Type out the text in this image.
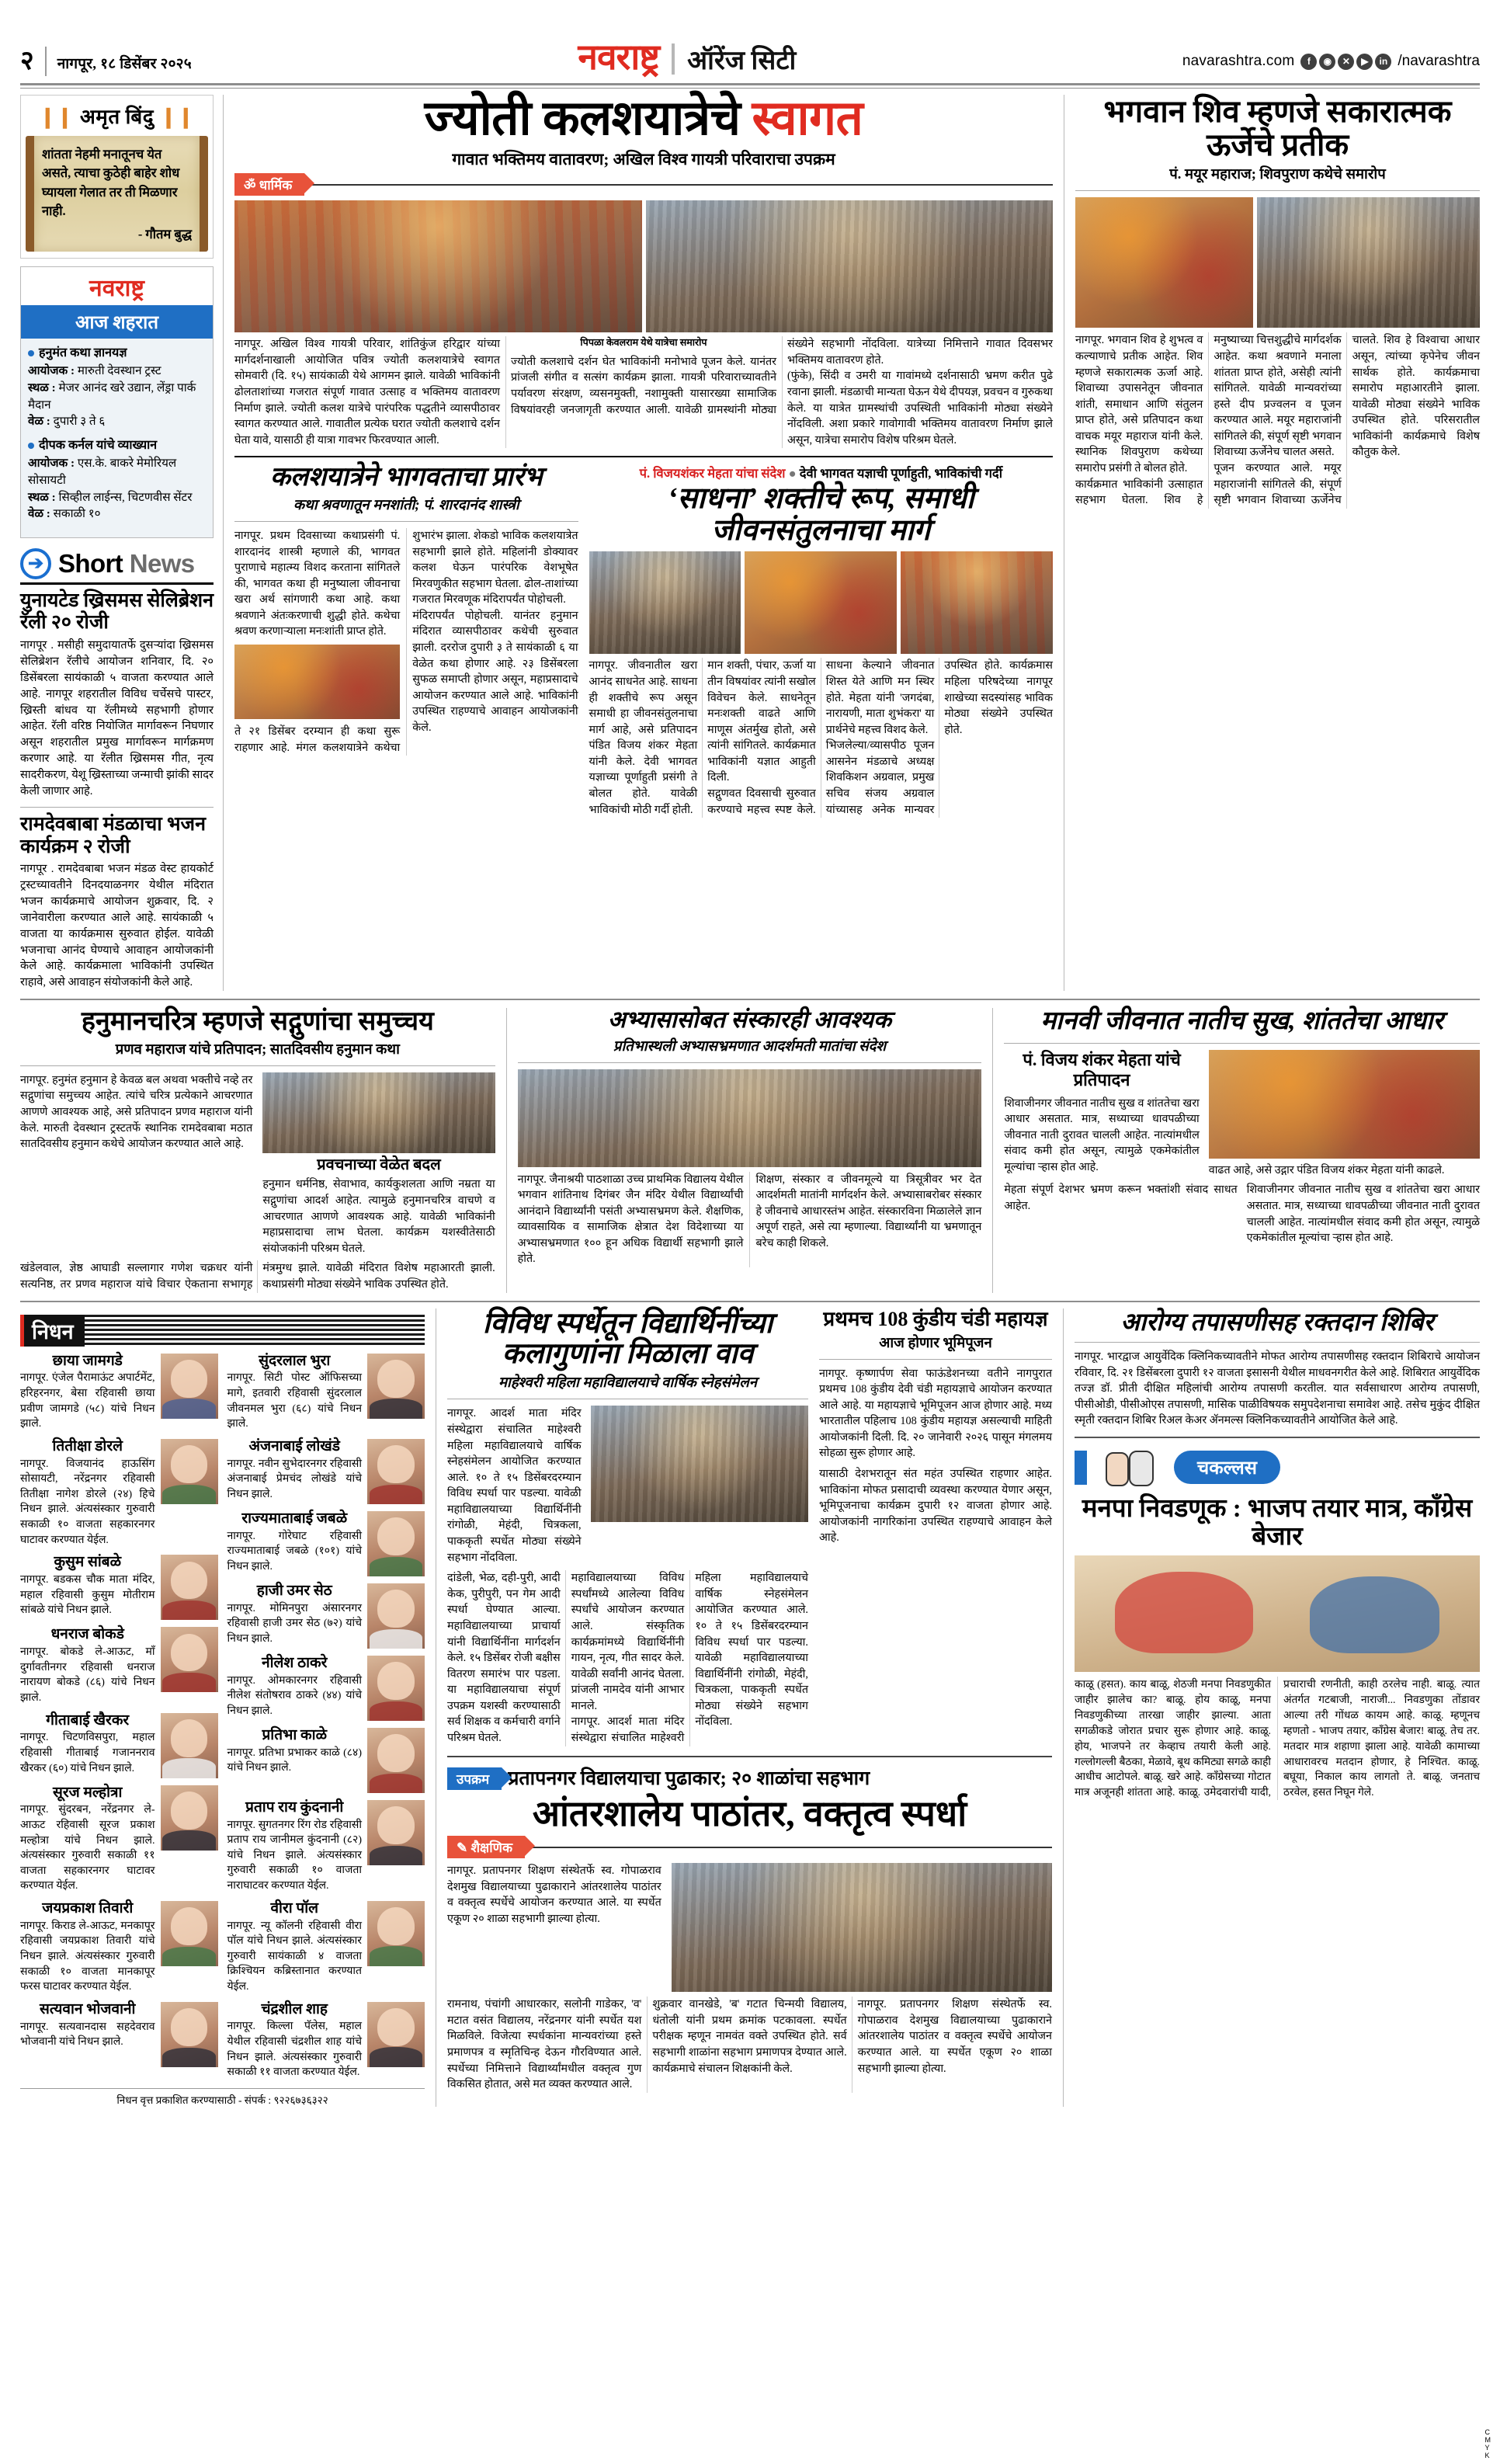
२ नागपूर, १८ डिसेंबर २०२५	नवराष्ट्र ऑरेंज सिटी	navarashtra.com	f	◉	✕	▶	in /navarashtra
❙❙ अमृत बिंदु ❙❙

शांतता नेहमी मनातूनच येत असते, त्याचा कुठेही बाहेर शोध घ्यायला गेलात तर ती मिळणार नाही.

- गौतम बुद्ध
नवराष्ट्र
आज शहरात
हनुमंत कथा ज्ञानयज्ञ
आयोजक : मारुती देवस्थान ट्रस्ट
स्थळ : मेजर आनंद खरे उद्यान, लेंड्रा पार्क मैदान
वेळ : दुपारी ३ ते ६
दीपक कर्नल यांचे व्याख्यान
आयोजक : एस.के. बाकरे मेमोरियल सोसायटी
स्थळ : सिव्हील लाईन्स, चिटणवीस सेंटर
वेळ : सकाळी १०
➔ Short News
युनायटेड ख्रिसमस सेलिब्रेशन रॅली २० रोजी
नागपूर . मसीही समुदायातर्फे दुसऱ्यांदा ख्रिसमस सेलिब्रेशन रॅलीचे आयोजन शनिवार, दि. २० डिसेंबरला सायंकाळी ५ वाजता करण्यात आले आहे. नागपूर शहरातील विविध चर्चेसचे पास्टर, ख्रिस्ती बांधव या रॅलीमध्ये सहभागी होणार आहेत. रॅली वरिष्ठ नियोजित मार्गावरून निघणार असून शहरातील प्रमुख मार्गावरून मार्गक्रमण करणार आहे. या रॅलीत ख्रिसमस गीत, नृत्य सादरीकरण, येशू ख्रिस्ताच्या जन्माची झांकी सादर केली जाणार आहे.
रामदेवबाबा मंडळाचा भजन कार्यक्रम २ रोजी
नागपूर . रामदेवबाबा भजन मंडळ वेस्ट हायकोर्ट ट्रस्टच्यावतीने दिनदयाळनगर येथील मंदिरात भजन कार्यक्रमाचे आयोजन शुक्रवार, दि. २ जानेवारीला करण्यात आले आहे. सायंकाळी ५ वाजता या कार्यक्रमास सुरुवात होईल. यावेळी भजनाचा आनंद घेण्याचे आवाहन आयोजकांनी केले आहे. कार्यक्रमाला भाविकांनी उपस्थित राहावे, असे आवाहन संयोजकांनी केले आहे.
ज्योती कलशयात्रेचे स्वागत
गावात भक्तिमय वातावरण; अखिल विश्व गायत्री परिवाराचा उपक्रम
ॐ धार्मिक
नागपूर. अखिल विश्व गायत्री परिवार, शांतिकुंज हरिद्वार यांच्या मार्गदर्शनाखाली आयोजित पवित्र ज्योती कलशयात्रेचे स्वागत सोमवारी (दि. १५) सायंकाळी येथे आगमन झाले. यावेळी भाविकांनी ढोलताशांच्या गजरात संपूर्ण गावात उत्साह व भक्तिमय वातावरण निर्माण झाले. ज्योती कलश यात्रेचे पारंपरिक पद्धतीने व्यासपीठावर स्वागत करण्यात आले. गावातील प्रत्येक घरात ज्योती कलशाचे दर्शन घेता यावे, यासाठी ही यात्रा गावभर फिरवण्यात आली.
पिपळा केवलराम येथे यात्रेचा समारोप
ज्योती कलशाचे दर्शन घेत भाविकांनी मनोभावे पूजन केले. यानंतर प्रांजली संगीत व सत्संग कार्यक्रम झाला. गायत्री परिवाराच्यावतीने पर्यावरण संरक्षण, व्यसनमुक्ती, नशामुक्ती यासारख्या सामाजिक विषयांवरही जनजागृती करण्यात आली. यावेळी ग्रामस्थांनी मोठ्या संख्येने सहभागी नोंदविला. यात्रेच्या निमित्ताने गावात दिवसभर भक्तिमय वातावरण होते.
(फुंके), सिंदी व उमरी या गावांमध्ये दर्शनासाठी भ्रमण करीत पुढे रवाना झाली. मंडळाची मान्यता घेऊन येथे दीपयज्ञ, प्रवचन व गुरुकथा केले. या यात्रेत ग्रामस्थांची उपस्थिती भाविकांनी मोठ्या संख्येने नोंदविली. अशा प्रकारे गावोगावी भक्तिमय वातावरण निर्माण झाले असून, यात्रेचा समारोप विशेष परिश्रम घेतले.
कलशयात्रेने भागवताचा प्रारंभ
कथा श्रवणातून मनशांती; पं. शारदानंद शास्त्री
नागपूर. प्रथम दिवसाच्या कथाप्रसंगी पं. शारदानंद शास्त्री म्हणाले की, भागवत पुराणाचे महात्म्य विशद करताना सांगितले की, भागवत कथा ही मनुष्याला जीवनाचा खरा अर्थ सांगणारी कथा आहे. कथा श्रवणाने अंतःकरणाची शुद्धी होते. कथेचा श्रवण करणाऱ्याला मनःशांती प्राप्त होते.
ते २१ डिसेंबर दरम्यान ही कथा सुरू राहणार आहे. मंगल कलशयात्रेने कथेचा शुभारंभ झाला. शेकडो भाविक कलशयात्रेत सहभागी झाले होते. महिलांनी डोक्यावर कलश घेऊन पारंपरिक वेशभूषेत मिरवणुकीत सहभाग घेतला. ढोल-ताशांच्या गजरात मिरवणूक मंदिरापर्यंत पोहोचली.
मंदिरापर्यंत पोहोचली. यानंतर हनुमान मंदिरात व्यासपीठावर कथेची सुरुवात झाली. दररोज दुपारी ३ ते सायंकाळी ६ या वेळेत कथा होणार आहे. २३ डिसेंबरला सुफळ समाप्ती होणार असून, महाप्रसादाचे आयोजन करण्यात आले आहे. भाविकांनी उपस्थित राहण्याचे आवाहन आयोजकांनी केले.
पं. विजयशंकर मेहता यांचा संदेश ● देवी भागवत यज्ञाची पूर्णाहुती, भाविकांची गर्दी
‘साधना’ शक्तीचे रूप, समाधी जीवनसंतुलनाचा मार्ग
नागपूर. जीवनातील खरा आनंद साधनेत आहे. साधना ही शक्तीचे रूप असून समाधी हा जीवनसंतुलनाचा मार्ग आहे, असे प्रतिपादन पंडित विजय शंकर मेहता यांनी केले. देवी भागवत यज्ञाच्या पूर्णाहुती प्रसंगी ते बोलत होते. यावेळी भाविकांची मोठी गर्दी होती.
मान शक्ती, पंचार, ऊर्जा या तीन विषयांवर त्यांनी सखोल विवेचन केले. साधनेतून मनःशक्ती वाढते आणि माणूस अंतर्मुख होतो, असे त्यांनी सांगितले. कार्यक्रमात भाविकांनी यज्ञात आहुती दिली.
सद्गुणवत दिवसाची सुरुवात करण्याचे महत्त्व स्पष्ट केले. साधना केल्याने जीवनात शिस्त येते आणि मन स्थिर होते. मेहता यांनी 'जगदंबा, नारायणी, माता शुभंकरा' या प्रार्थनेचे महत्त्व विशद केले.
भिजलेल्या/व्यासपीठ पूजन आसनेन मंडळाचे अध्यक्ष शिवकिशन अग्रवाल, प्रमुख सचिव संजय अग्रवाल यांच्यासह अनेक मान्यवर उपस्थित होते. कार्यक्रमास महिला परिषदेच्या नागपूर शाखेच्या सदस्यांसह भाविक मोठ्या संख्येने उपस्थित होते.
भगवान शिव म्हणजे सकारात्मक ऊर्जेचे प्रतीक
पं. मयूर महाराज; शिवपुराण कथेचे समारोप
नागपूर. भगवान शिव हे शुभत्व व कल्याणाचे प्रतीक आहेत. शिव म्हणजे सकारात्मक ऊर्जा आहे. शिवाच्या उपासनेतून जीवनात शांती, समाधान आणि संतुलन प्राप्त होते, असे प्रतिपादन कथा वाचक मयूर महाराज यांनी केले. स्थानिक शिवपुराण कथेच्या समारोप प्रसंगी ते बोलत होते.
कार्यक्रमात भाविकांनी उत्साहात सहभाग घेतला. शिव हे मनुष्याच्या चित्तशुद्धीचे मार्गदर्शक आहेत. कथा श्रवणाने मनाला शांतता प्राप्त होते, असेही त्यांनी सांगितले. यावेळी मान्यवरांच्या हस्ते दीप प्रज्वलन व पूजन करण्यात आले. मयूर महाराजांनी सांगितले की, संपूर्ण सृष्टी भगवान शिवाच्या ऊर्जेनेच चालत असते.
पूजन करण्यात आले. मयूर महाराजांनी सांगितले की, संपूर्ण सृष्टी भगवान शिवाच्या ऊर्जेनेच चालते. शिव हे विश्वाचा आधार असून, त्यांच्या कृपेनेच जीवन सार्थक होते. कार्यक्रमाचा समारोप महाआरतीने झाला. यावेळी मोठ्या संख्येने भाविक उपस्थित होते. परिसरातील भाविकांनी कार्यक्रमाचे विशेष कौतुक केले.
हनुमानचरित्र म्हणजे सद्गुणांचा समुच्चय
प्रणव महाराज यांचे प्रतिपादन; सातदिवसीय हनुमान कथा
नागपूर. हनुमंत हनुमान हे केवळ बल अथवा भक्तीचे नव्हे तर सद्गुणांचा समुच्चय आहेत. त्यांचे चरित्र प्रत्येकाने आचरणात आणणे आवश्यक आहे, असे प्रतिपादन प्रणव महाराज यांनी केले. मारुती देवस्थान ट्रस्टतर्फे स्थानिक रामदेवबाबा मठात सातदिवसीय हनुमान कथेचे आयोजन करण्यात आले आहे.
प्रवचनाच्या वेळेत बदल
हनुमान धर्मनिष्ठ, सेवाभाव, कार्यकुशलता आणि नम्रता या सद्गुणांचा आदर्श आहेत. त्यामुळे हनुमानचरित्र वाचणे व आचरणात आणणे आवश्यक आहे. यावेळी भाविकांनी महाप्रसादाचा लाभ घेतला. कार्यक्रम यशस्वीतेसाठी संयोजकांनी परिश्रम घेतले.
खंडेलवाल, ज्ञेष्ठ आघाडी सल्लागार गणेश चक्रधर यांनी सत्यनिष्ठ, तर प्रणव महाराज यांचे विचार ऐकताना सभागृह मंत्रमुग्ध झाले. यावेळी मंदिरात विशेष महाआरती झाली. कथाप्रसंगी मोठ्या संख्येने भाविक उपस्थित होते.
अभ्यासासोबत संस्कारही आवश्यक
प्रतिभास्थली अभ्यासभ्रमणात आदर्शमती मातांचा संदेश
नागपूर. जैनाश्रयी पाठशाळा उच्च प्राथमिक विद्यालय येथील भगवान शांतिनाथ दिगंबर जैन मंदिर येथील विद्यार्थ्यांची आनंदाने विद्यार्थ्यांनी पसंती अभ्यासभ्रमण केले. शैक्षणिक, व्यावसायिक व सामाजिक क्षेत्रात देश विदेशाच्या या अभ्यासभ्रमणात १०० हून अधिक विद्यार्थी सहभागी झाले होते.
शिक्षण, संस्कार व जीवनमूल्ये या त्रिसूत्रीवर भर देत आदर्शमती मातांनी मार्गदर्शन केले. अभ्यासाबरोबर संस्कार हे जीवनाचे आधारस्तंभ आहेत. संस्कारविना मिळालेले ज्ञान अपूर्ण राहते, असे त्या म्हणाल्या. विद्यार्थ्यांनी या भ्रमणातून बरेच काही शिकले.
मानवी जीवनात नातीच सुख, शांततेचा आधार
पं. विजय शंकर मेहता यांचे प्रतिपादन
शिवाजीनगर जीवनात नातीच सुख व शांततेचा खरा आधार असतात. मात्र, सध्याच्या धावपळीच्या जीवनात नाती दुरावत चालली आहेत. नात्यांमधील संवाद कमी होत असून, त्यामुळे एकमेकांतील मूल्यांचा ऱ्हास होत आहे.	वाढत आहे, असे उद्गार पंडित विजय शंकर मेहता यांनी काढले.
मेहता संपूर्ण देशभर भ्रमण करून भक्तांशी संवाद साधत आहेत.
शिवाजीनगर जीवनात नातीच सुख व शांततेचा खरा आधार असतात. मात्र, सध्याच्या धावपळीच्या जीवनात नाती दुरावत चालली आहेत. नात्यांमधील संवाद कमी होत असून, त्यामुळे एकमेकांतील मूल्यांचा ऱ्हास होत आहे.
निधन
छाया जामगडे
नागपूर. एंजेल पैरामाऊंट अपार्टमेंट, हरिहरनगर, बेसा रहिवासी छाया प्रवीण जामगडे (५८) यांचे निधन झाले.
तितीक्षा डोरले
नागपूर. विजयानंद हाऊसिंग सोसायटी, नरेंद्रनगर रहिवासी तितीक्षा नागेश डोरले (२४) हिचे निधन झाले. अंत्यसंस्कार गुरुवारी सकाळी १० वाजता सहकारनगर घाटावर करण्यात येईल.
कुसुम सांबळे
नागपूर. बडकस चौक माता मंदिर, महाल रहिवासी कुसुम मोतीराम सांबळे यांचे निधन झाले.
धनराज बोकडे
नागपूर. बोकडे ले-आऊट, माँ दुर्गावतीनगर रहिवासी धनराज नारायण बोकडे (८६) यांचे निधन झाले.
गीताबाई खैरकर
नागपूर. चिटणविसपुरा, महाल रहिवासी गीताबाई गजाननराव खैरकर (६०) यांचे निधन झाले.
सूरज मल्होत्रा
नागपूर. सुंदरबन, नरेंद्रनगर ले-आऊट रहिवासी सूरज प्रकाश मल्होत्रा यांचे निधन झाले. अंत्यसंस्कार गुरुवारी सकाळी ११ वाजता सहकारनगर घाटावर करण्यात येईल.
जयप्रकाश तिवारी
नागपूर. किराड ले-आऊट, मनकापूर रहिवासी जयप्रकाश तिवारी यांचे निधन झाले. अंत्यसंस्कार गुरुवारी सकाळी १० वाजता मानकापूर फरस घाटावर करण्यात येईल.
सत्यवान भोजवानी
नागपूर. सत्यवानदास सहदेवराव भोजवानी यांचे निधन झाले.
सुंदरलाल भुरा
नागपूर. सिटी पोस्ट ऑफिसच्या मागे, इतवारी रहिवासी सुंदरलाल जीवनमल भुरा (६८) यांचे निधन झाले.
अंजनाबाई लोखंडे
नागपूर. नवीन सुभेदारनगर रहिवासी अंजनाबाई प्रेमचंद लोखंडे यांचे निधन झाले.
राज्यमाताबाई जबळे
नागपूर. गोरेघाट रहिवासी राज्यमाताबाई जबळे (१०१) यांचे निधन झाले.
हाजी उमर सेठ
नागपूर. मोमिनपुरा अंसारनगर रहिवासी हाजी उमर सेठ (७२) यांचे निधन झाले.
नीलेश ठाकरे
नागपूर. ओमकारनगर रहिवासी नीलेश संतोषराव ठाकरे (४४) यांचे निधन झाले.
प्रतिभा काळे
नागपूर. प्रतिभा प्रभाकर काळे (८४) यांचे निधन झाले.
प्रताप राय कुंदनानी
नागपूर. सुगतनगर रिंग रोड रहिवासी प्रताप राय जानीमल कुंदनानी (८२) यांचे निधन झाले. अंत्यसंस्कार गुरुवारी सकाळी १० वाजता नाराघाटवर करण्यात येईल.
वीरा पॉल
नागपूर. न्यू कॉलनी रहिवासी वीरा पॉल यांचे निधन झाले. अंत्यसंस्कार गुरुवारी सायंकाळी ४ वाजता क्रिश्चियन कब्रिस्तानात करण्यात येईल.
चंद्रशील शाह
नागपूर. किल्ला पॅलेस, महाल येथील रहिवासी चंद्रशील शाह यांचे निधन झाले. अंत्यसंस्कार गुरुवारी सकाळी ११ वाजता करण्यात येईल.
निधन वृत्त प्रकाशित करण्यासाठी - संपर्क : ९२२६७३६३२२
विविध स्पर्धेतून विद्यार्थिनींच्या कलागुणांना मिळाला वाव
माहेश्वरी महिला महाविद्यालयाचे वार्षिक स्नेहसंमेलन
नागपूर. आदर्श माता मंदिर संस्थेद्वारा संचालित माहेश्वरी महिला महाविद्यालयाचे वार्षिक स्नेहसंमेलन आयोजित करण्यात आले. १० ते १५ डिसेंबरदरम्यान विविध स्पर्धा पार पडल्या. यावेळी महाविद्यालयाच्या विद्यार्थिनींनी रांगोळी, मेहंदी, चित्रकला, पाककृती स्पर्धेत मोठ्या संख्येने सहभाग नोंदविला.
दांडेली, भेळ, दही-पुरी, आदी केक, पुरीपुरी, पन गेम आदी स्पर्धा घेण्यात आल्या. महाविद्यालयाच्या प्राचार्या यांनी विद्यार्थिनींना मार्गदर्शन केले. १५ डिसेंबर रोजी बक्षीस वितरण समारंभ पार पडला. या महाविद्यालयाचा संपूर्ण उपक्रम यशस्वी करण्यासाठी सर्व शिक्षक व कर्मचारी वर्गाने परिश्रम घेतले.
महाविद्यालयाच्या विविध स्पर्धांमध्ये आलेल्या विविध स्पर्धांचे आयोजन करण्यात आले. संस्कृतिक कार्यक्रमांमध्ये विद्यार्थिनींनी गायन, नृत्य, गीत सादर केले. यावेळी सर्वांनी आनंद घेतला. प्रांजली नामदेव यांनी आभार मानले.
नागपूर. आदर्श माता मंदिर संस्थेद्वारा संचालित माहेश्वरी महिला महाविद्यालयाचे वार्षिक स्नेहसंमेलन आयोजित करण्यात आले. १० ते १५ डिसेंबरदरम्यान विविध स्पर्धा पार पडल्या. यावेळी महाविद्यालयाच्या विद्यार्थिनींनी रांगोळी, मेहंदी, चित्रकला, पाककृती स्पर्धेत मोठ्या संख्येने सहभाग नोंदविला.
प्रथमच 108 कुंडीय चंडी महायज्ञ
आज होणार भूमिपूजन
नागपूर. कृष्णार्पण सेवा फाऊंडेशनच्या वतीने नागपुरात प्रथमच 108 कुंडीय देवी चंडी महायज्ञाचे आयोजन करण्यात आले आहे. या महायज्ञाचे भूमिपूजन आज होणार आहे. मध्य भारतातील पहिलाच 108 कुंडीय महायज्ञ असल्याची माहिती आयोजकांनी दिली. दि. २० जानेवारी २०२६ पासून मंगलमय सोहळा सुरू होणार आहे.
यासाठी देशभरातून संत महंत उपस्थित राहणार आहेत. भाविकांना मोफत प्रसादाची व्यवस्था करण्यात येणार असून, भूमिपूजनाचा कार्यक्रम दुपारी १२ वाजता होणार आहे. आयोजकांनी नागरिकांना उपस्थित राहण्याचे आवाहन केले आहे.
उपक्रम प्रतापनगर विद्यालयाचा पुढाकार; २० शाळांचा सहभाग
आंतरशालेय पाठांतर, वक्तृत्व स्पर्धा
✎ शैक्षणिक
नागपूर. प्रतापनगर शिक्षण संस्थेतर्फे स्व. गोपाळराव देशमुख विद्यालयाच्या पुढाकाराने आंतरशालेय पाठांतर व वक्तृत्व स्पर्धेचे आयोजन करण्यात आले. या स्पर्धेत एकूण २० शाळा सहभागी झाल्या होत्या.
रामनाथ, पंचांगी आधारकार, सलोनी गाडेकर, 'व' मटात वसंत विद्यालय, नरेंद्रनगर यांनी स्पर्धेत यश मिळविले. विजेत्या स्पर्धकांना मान्यवरांच्या हस्ते प्रमाणपत्र व स्मृतिचिन्ह देऊन गौरविण्यात आले. स्पर्धेच्या निमित्ताने विद्यार्थ्यांमधील वक्तृत्व गुण विकसित होतात, असे मत व्यक्त करण्यात आले.
शुक्रवार वानखेडे, 'ब' गटात चिन्मयी विद्यालय, धंतोली यांनी प्रथम क्रमांक पटकावला. स्पर्धेत परीक्षक म्हणून नामवंत वक्ते उपस्थित होते. सर्व सहभागी शाळांना सहभाग प्रमाणपत्र देण्यात आले. कार्यक्रमाचे संचालन शिक्षकांनी केले.
नागपूर. प्रतापनगर शिक्षण संस्थेतर्फे स्व. गोपाळराव देशमुख विद्यालयाच्या पुढाकाराने आंतरशालेय पाठांतर व वक्तृत्व स्पर्धेचे आयोजन करण्यात आले. या स्पर्धेत एकूण २० शाळा सहभागी झाल्या होत्या.
आरोग्य तपासणीसह रक्तदान शिबिर
नागपूर. भारद्वाज आयुर्वेदिक क्लिनिकच्यावतीने मोफत आरोग्य तपासणीसह रक्तदान शिबिराचे आयोजन रविवार, दि. २१ डिसेंबरला दुपारी १२ वाजता इसासनी येथील माधवनगरीत केले आहे. शिबिरात आयुर्वेदिक तज्ज्ञ डॉ. प्रीती दीक्षित महिलांची आरोग्य तपासणी करतील. यात सर्वसाधारण आरोग्य तपासणी, पीसीओडी, पीसीओएस तपासणी, मासिक पाळीविषयक समुपदेशनाचा समावेश आहे. तसेच मुकुंद दीक्षित स्मृती रक्तदान शिबिर रिअल केअर ॲनमल्स क्लिनिकच्यावतीने आयोजित केले आहे.
चकल्लस
मनपा निवडणूक : भाजप तयार मात्र, काँग्रेस बेजार
काळू (हसत). काय बाळू, शेठजी मनपा निवडणुकीत जाहीर झालेच का? बाळू. होय काळू, मनपा निवडणुकीच्या तारखा जाहीर झाल्या. आता सगळीकडे जोरात प्रचार सुरू होणार आहे. काळू. होय, भाजपने तर केव्हाच तयारी केली आहे. गल्लोगल्ली बैठका, मेळावे, बूथ कमिट्या सगळे काही आधीच आटोपले. बाळू. खरे आहे. काँग्रेसच्या गोटात मात्र अजूनही शांतता आहे. काळू. उमेदवारांची यादी, प्रचाराची रणनीती, काही ठरलेच नाही. बाळू. त्यात अंतर्गत गटबाजी, नाराजी... निवडणुका तोंडावर आल्या तरी गोंधळ कायम आहे. काळू. म्हणूनच म्हणतो - भाजप तयार, काँग्रेस बेजार! बाळू. तेच तर. मतदार मात्र शहाणा झाला आहे. यावेळी कामाच्या आधारावरच मतदान होणार, हे निश्चित. काळू. बघूया, निकाल काय लागतो ते. बाळू. जनताच ठरवेल, हसत निघून गेले.
C
M
Y
K
